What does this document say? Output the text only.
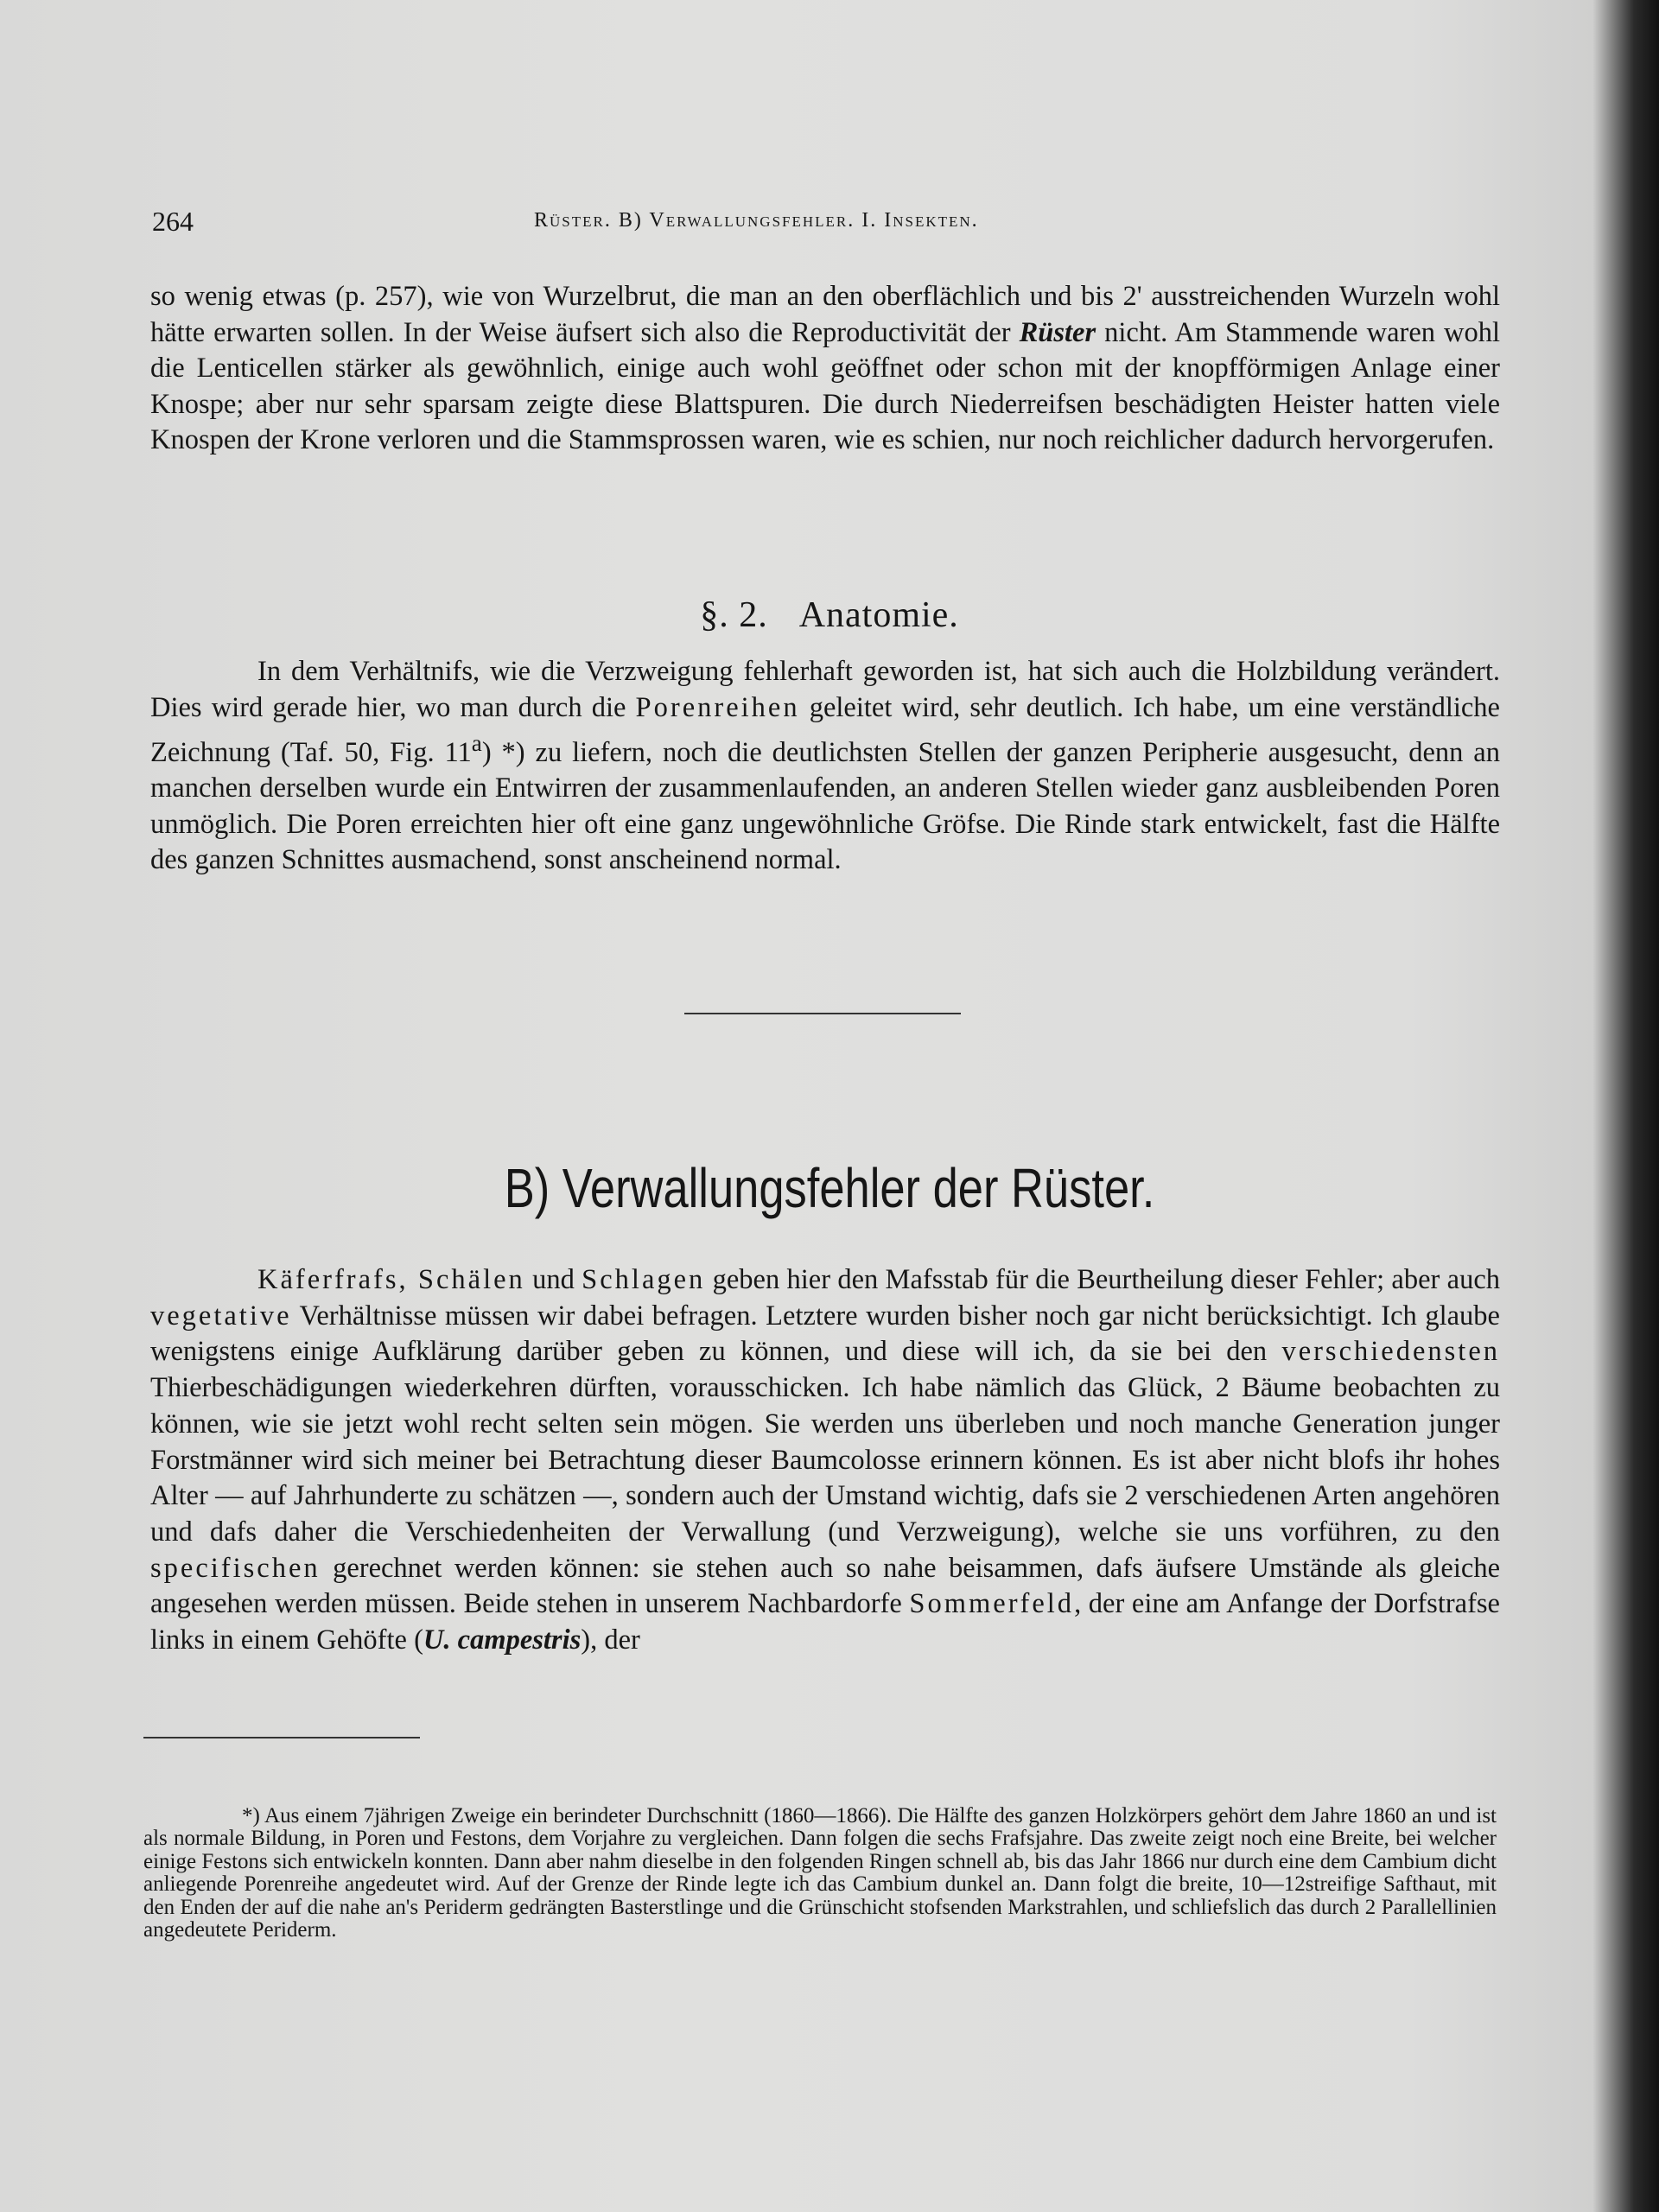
264	Rüster. B) Verwallungsfehler. I. Insekten.

so wenig etwas (p. 257), wie von Wurzelbrut, die man an den oberflächlich und bis 2' ausstreichenden Wurzeln wohl hätte erwarten sollen. In der Weise äufsert sich also die Reproductivität der Rüster nicht. Am Stammende waren wohl die Lenticellen stärker als gewöhnlich, einige auch wohl geöffnet oder schon mit der knopfförmigen Anlage einer Knospe; aber nur sehr sparsam zeigte diese Blattspuren. Die durch Niederreifsen beschädigten Heister hatten viele Knospen der Krone verloren und die Stammsprossen waren, wie es schien, nur noch reichlicher dadurch hervorgerufen.

§. 2. Anatomie.

In dem Verhältnifs, wie die Verzweigung fehlerhaft geworden ist, hat sich auch die Holzbildung verändert. Dies wird gerade hier, wo man durch die Porenreihen geleitet wird, sehr deutlich. Ich habe, um eine verständliche Zeichnung (Taf. 50, Fig. 11$^a$) *) zu liefern, noch die deutlichsten Stellen der ganzen Peripherie ausgesucht, denn an manchen derselben wurde ein Entwirren der zusammenlaufenden, an anderen Stellen wieder ganz ausbleibenden Poren unmöglich. Die Poren erreichten hier oft eine ganz ungewöhnliche Gröfse. Die Rinde stark entwickelt, fast die Hälfte des ganzen Schnittes ausmachend, sonst anscheinend normal.

B) Verwallungsfehler der Rüster.

Käferfrafs, Schälen und Schlagen geben hier den Mafsstab für die Beurtheilung dieser Fehler; aber auch vegetative Verhältnisse müssen wir dabei befragen. Letztere wurden bisher noch gar nicht berücksichtigt. Ich glaube wenigstens einige Aufklärung darüber geben zu können, und diese will ich, da sie bei den verschiedensten Thierbeschädigungen wiederkehren dürften, vorausschicken. Ich habe nämlich das Glück, 2 Bäume beobachten zu können, wie sie jetzt wohl recht selten sein mögen. Sie werden uns überleben und noch manche Generation junger Forstmänner wird sich meiner bei Betrachtung dieser Baumcolosse erinnern können. Es ist aber nicht blofs ihr hohes Alter — auf Jahrhunderte zu schätzen —, sondern auch der Umstand wichtig, dafs sie 2 verschiedenen Arten angehören und dafs daher die Verschiedenheiten der Verwallung (und Verzweigung), welche sie uns vorführen, zu den specifischen gerechnet werden können: sie stehen auch so nahe beisammen, dafs äufsere Umstände als gleiche angesehen werden müssen. Beide stehen in unserem Nachbardorfe Sommerfeld, der eine am Anfange der Dorfstrafse links in einem Gehöfte (U. campestris), der

*) Aus einem 7jährigen Zweige ein berindeter Durchschnitt (1860—1866). Die Hälfte des ganzen Holzkörpers gehört dem Jahre 1860 an und ist als normale Bildung, in Poren und Festons, dem Vorjahre zu vergleichen. Dann folgen die sechs Frafsjahre. Das zweite zeigt noch eine Breite, bei welcher einige Festons sich entwickeln konnten. Dann aber nahm dieselbe in den folgenden Ringen schnell ab, bis das Jahr 1866 nur durch eine dem Cambium dicht anliegende Porenreihe angedeutet wird. Auf der Grenze der Rinde legte ich das Cambium dunkel an. Dann folgt die breite, 10—12streifige Safthaut, mit den Enden der auf die nahe an's Periderm gedrängten Basterstlinge und die Grünschicht stofsenden Markstrahlen, und schliefslich das durch 2 Parallellinien angedeutete Periderm.
